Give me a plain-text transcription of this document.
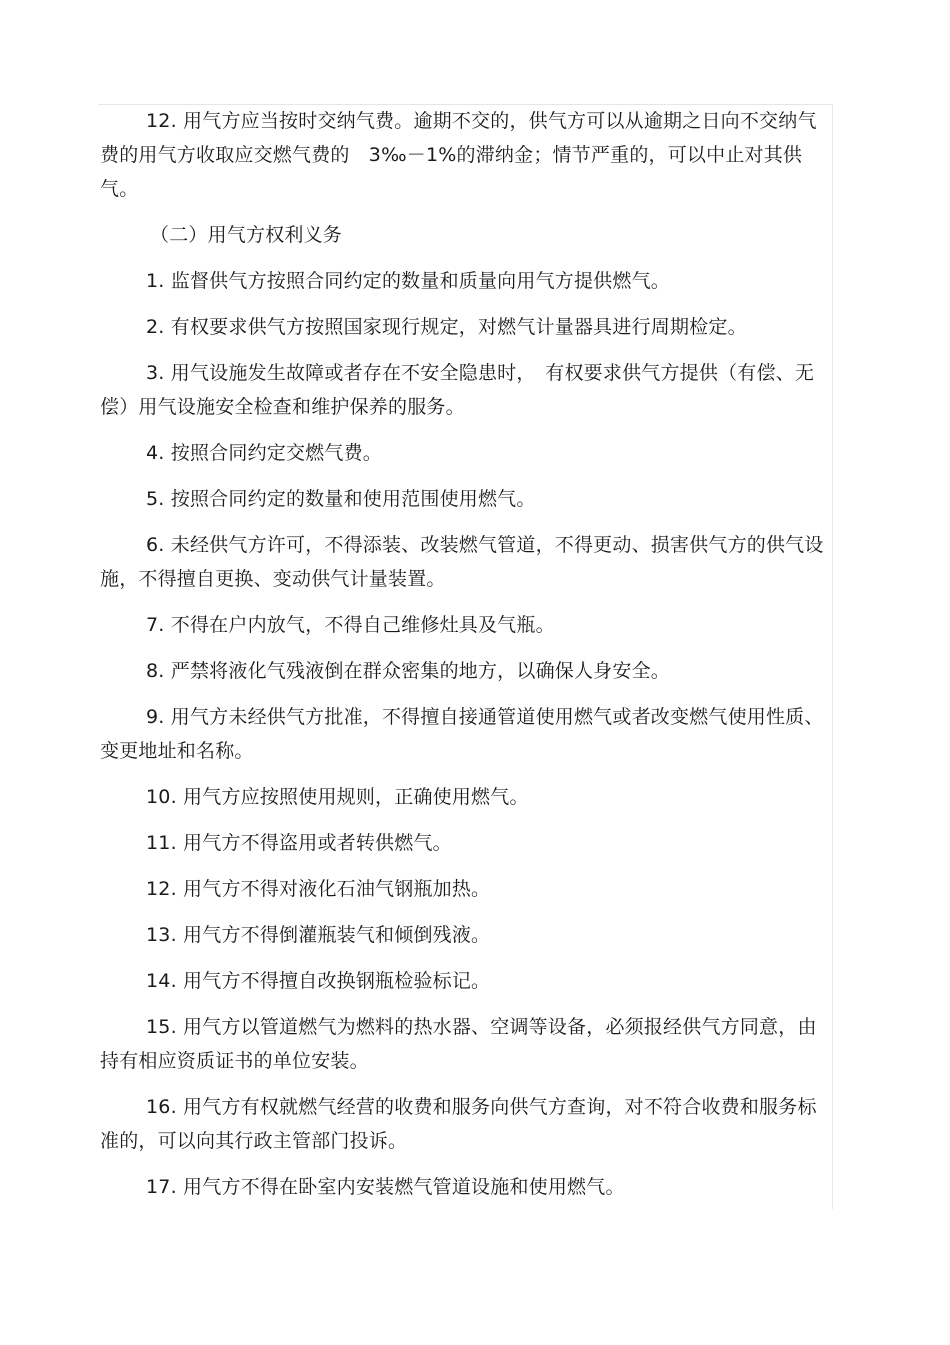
12. 用气方应当按时交纳气费。逾期不交的，供气方可以从逾期之日向不交纳气费的用气方收取应交燃气费的　3‰－1%的滞纳金；情节严重的，可以中止对其供气。

（二）用气方权利义务

1. 监督供气方按照合同约定的数量和质量向用气方提供燃气。

2. 有权要求供气方按照国家现行规定，对燃气计量器具进行周期检定。

3. 用气设施发生故障或者存在不安全隐患时，　有权要求供气方提供（有偿、无偿）用气设施安全检查和维护保养的服务。

4. 按照合同约定交燃气费。

5. 按照合同约定的数量和使用范围使用燃气。

6. 未经供气方许可，不得添装、改装燃气管道，不得更动、损害供气方的供气设施，不得擅自更换、变动供气计量装置。

7. 不得在户内放气，不得自己维修灶具及气瓶。

8. 严禁将液化气残液倒在群众密集的地方，以确保人身安全。

9. 用气方未经供气方批准，不得擅自接通管道使用燃气或者改变燃气使用性质、变更地址和名称。

10. 用气方应按照使用规则，正确使用燃气。

11. 用气方不得盗用或者转供燃气。

12. 用气方不得对液化石油气钢瓶加热。

13. 用气方不得倒灌瓶装气和倾倒残液。

14. 用气方不得擅自改换钢瓶检验标记。

15. 用气方以管道燃气为燃料的热水器、空调等设备，必须报经供气方同意，由持有相应资质证书的单位安装。

16. 用气方有权就燃气经营的收费和服务向供气方查询，对不符合收费和服务标准的，可以向其行政主管部门投诉。

17. 用气方不得在卧室内安装燃气管道设施和使用燃气。
